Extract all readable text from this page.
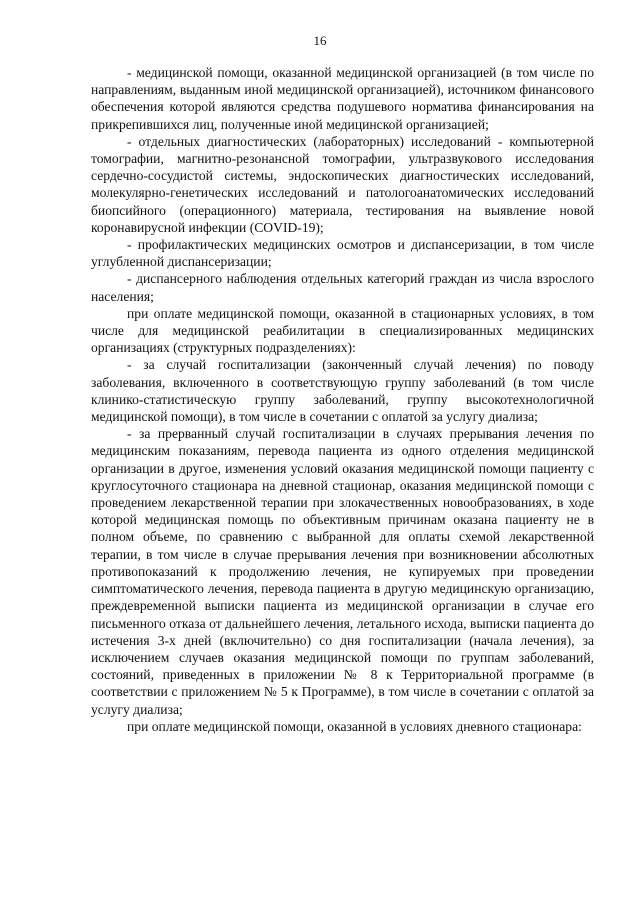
16

- медицинской помощи, оказанной медицинской организацией (в том числе по направлениям, выданным иной медицинской организацией), источником финансового обеспечения которой являются средства подушевого норматива финансирования на прикрепившихся лиц, полученные иной медицинской организацией;

- отдельных диагностических (лабораторных) исследований - компьютерной томографии, магнитно-резонансной томографии, ультразвукового исследования сердечно-сосудистой системы, эндоскопических диагностических исследований, молекулярно-генетических исследований и патологоанатомических исследований биопсийного (операционного) материала, тестирования на выявление новой коронавирусной инфекции (COVID-19);

- профилактических медицинских осмотров и диспансеризации, в том числе углубленной диспансеризации;

- диспансерного наблюдения отдельных категорий граждан из числа взрослого населения;

при оплате медицинской помощи, оказанной в стационарных условиях, в том числе для медицинской реабилитации в специализированных медицинских организациях (структурных подразделениях):

- за случай госпитализации (законченный случай лечения) по поводу заболевания, включенного в соответствующую группу заболеваний (в том числе клинико-статистическую группу заболеваний, группу высокотехнологичной медицинской помощи), в том числе в сочетании с оплатой за услугу диализа;

- за прерванный случай госпитализации в случаях прерывания лечения по медицинским показаниям, перевода пациента из одного отделения медицинской организации в другое, изменения условий оказания медицинской помощи пациенту с круглосуточного стационара на дневной стационар, оказания медицинской помощи с проведением лекарственной терапии при злокачественных новообразованиях, в ходе которой медицинская помощь по объективным причинам оказана пациенту не в полном объеме, по сравнению с выбранной для оплаты схемой лекарственной терапии, в том числе в случае прерывания лечения при возникновении абсолютных противопоказаний к продолжению лечения, не купируемых при проведении симптоматического лечения, перевода пациента в другую медицинскую организацию, преждевременной выписки пациента из медицинской организации в случае его письменного отказа от дальнейшего лечения, летального исхода, выписки пациента до истечения 3-х дней (включительно) со дня госпитализации (начала лечения), за исключением случаев оказания медицинской помощи по группам заболеваний, состояний, приведенных в приложении № 8 к Территориальной программе (в соответствии с приложением № 5 к Программе), в том числе в сочетании с оплатой за услугу диализа;

при оплате медицинской помощи, оказанной в условиях дневного стационара:
